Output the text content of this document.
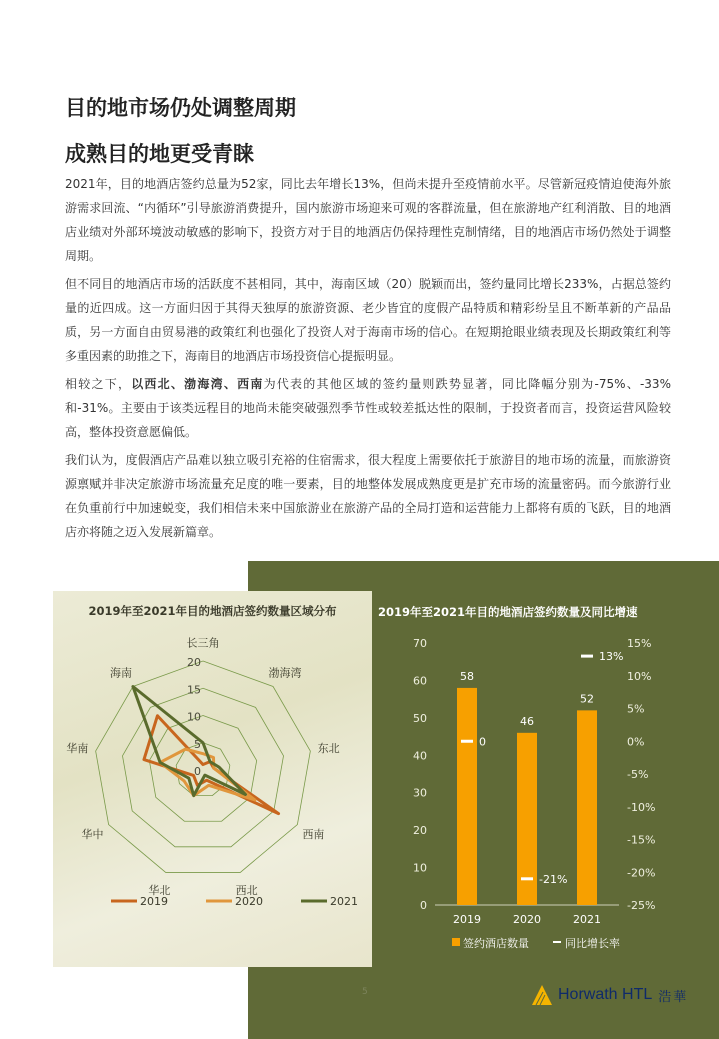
目的地市场仍处调整周期
成熟目的地更受青睐

2021年，目的地酒店签约总量为52家，同比去年增长13%，但尚未提升至疫情前水平。尽管新冠疫情迫使海外旅游需求回流、“内循环”引导旅游消费提升，国内旅游市场迎来可观的客群流量，但在旅游地产红利消散、目的地酒店业绩对外部环境波动敏感的影响下，投资方对于目的地酒店仍保持理性克制情绪，目的地酒店市场仍然处于调整周期。

但不同目的地酒店市场的活跃度不甚相同，其中，海南区域（20）脱颖而出，签约量同比增长233%，占据总签约量的近四成。这一方面归因于其得天独厚的旅游资源、老少皆宜的度假产品特质和精彩纷呈且不断革新的产品品质，另一方面自由贸易港的政策红利也强化了投资人对于海南市场的信心。在短期抢眼业绩表现及长期政策红利等多重因素的助推之下，海南目的地酒店市场投资信心提振明显。

相较之下，以西北、渤海湾、西南为代表的其他区域的签约量则跌势显著，同比降幅分别为-75%、-33%和-31%。主要由于该类远程目的地尚未能突破强烈季节性或较差抵达性的限制，于投资者而言，投资运营风险较高，整体投资意愿偏低。

我们认为，度假酒店产品难以独立吸引充裕的住宿需求，很大程度上需要依托于旅游目的地市场的流量，而旅游资源禀赋并非决定旅游市场流量充足度的唯一要素，目的地整体发展成熟度更是扩充市场的流量密码。而今旅游行业在负重前行中加速蜕变，我们相信未来中国旅游业在旅游产品的全局打造和运营能力上都将有质的飞跃，目的地酒店亦将随之迈入发展新篇章。

2019年至2021年目的地酒店签约数量区域分布
0
5
10
15
20
长三角
渤海湾
东北
西南
西北
华北
华中
华南
海南
2019	2020	2021
2019年至2021年目的地酒店签约数量及同比增速
0
10
20
30
40
50
60
70
-25%
-20%
-15%
-10%
-5%
0%
5%
10%
15%
58
0
2019
46
-21%
2020
52
13%
2021
签约酒店数量	同比增长率
5	Horwath HTL 浩華
